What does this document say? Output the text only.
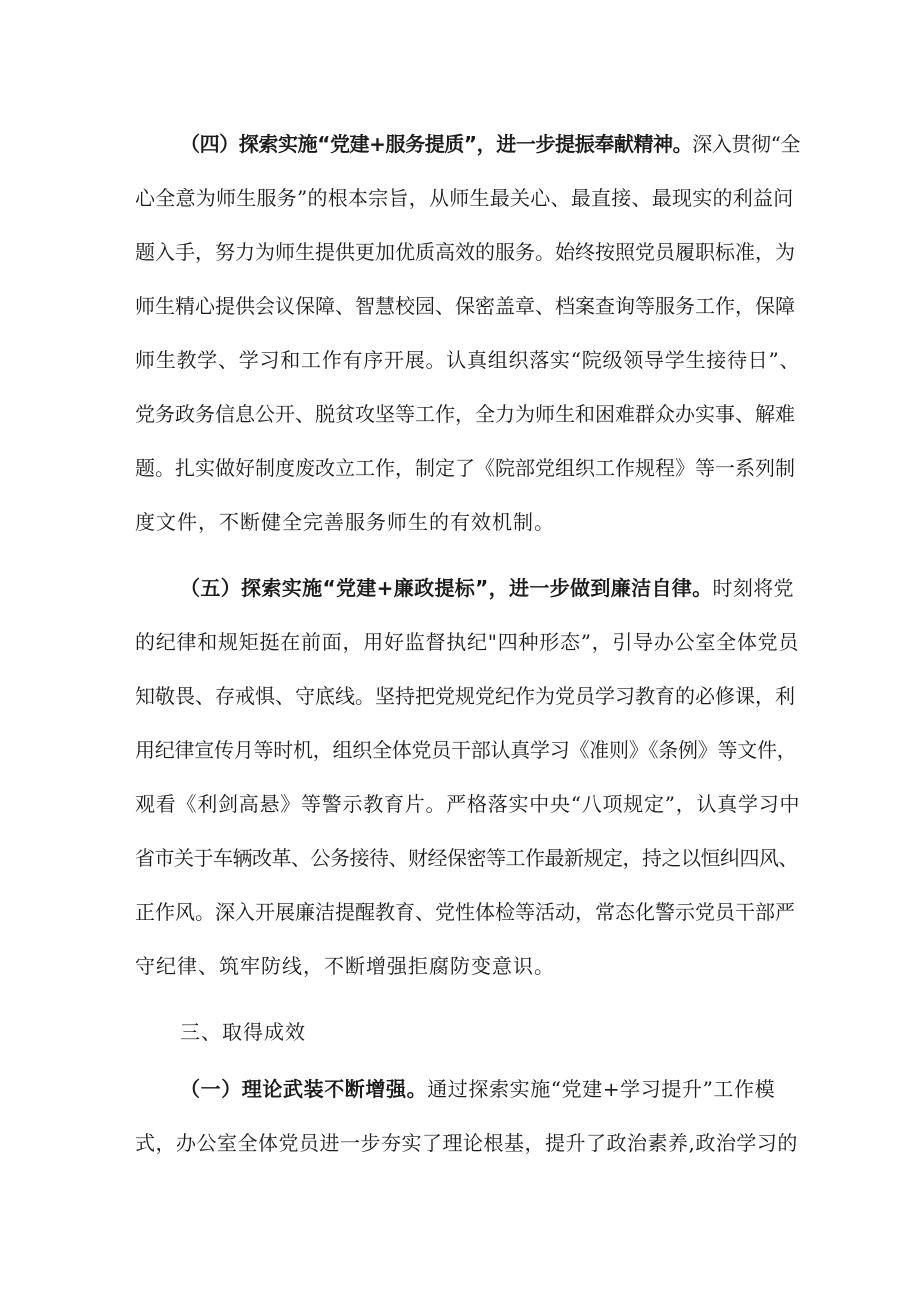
（四）探索实施“党建+服务提质”，进一步提振奉献精神。深入贯彻“全
心全意为师生服务”的根本宗旨，从师生最关心、最直接、最现实的利益问
题入手，努力为师生提供更加优质高效的服务。始终按照党员履职标准，为
师生精心提供会议保障、智慧校园、保密盖章、档案查询等服务工作，保障
师生教学、学习和工作有序开展。认真组织落实“院级领导学生接待日”、
党务政务信息公开、脱贫攻坚等工作，全力为师生和困难群众办实事、解难
题。扎实做好制度废改立工作，制定了《院部党组织工作规程》等一系列制
度文件，不断健全完善服务师生的有效机制。
（五）探索实施“党建+廉政提标”，进一步做到廉洁自律。时刻将党
的纪律和规矩挺在前面，用好监督执纪"四种形态”，引导办公室全体党员
知敬畏、存戒惧、守底线。坚持把党规党纪作为党员学习教育的必修课，利
用纪律宣传月等时机，组织全体党员干部认真学习《准则》《条例》等文件，
观看《利剑高悬》等警示教育片。严格落实中央“八项规定”，认真学习中
省市关于车辆改革、公务接待、财经保密等工作最新规定，持之以恒纠四风、
正作风。深入开展廉洁提醒教育、党性体检等活动，常态化警示党员干部严
守纪律、筑牢防线，不断增强拒腐防变意识。
三、取得成效
（一）理论武装不断增强。通过探索实施“党建+学习提升”工作模
式，办公室全体党员进一步夯实了理论根基，提升了政治素养,政治学习的
